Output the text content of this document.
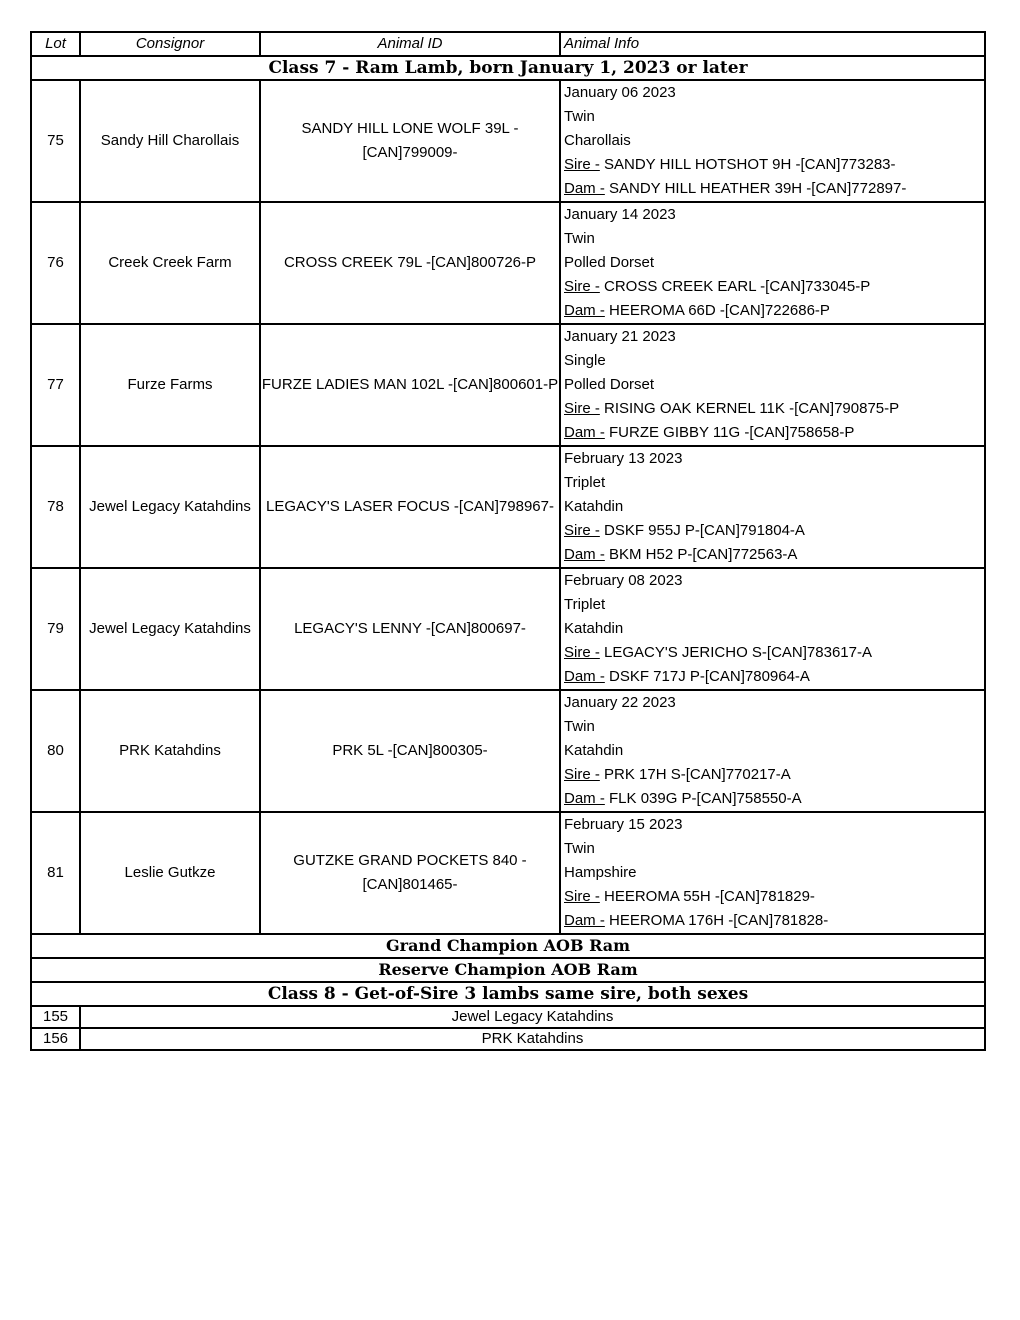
Lot	Consignor	Animal ID	Animal Info
Class 7 - Ram Lamb, born January 1, 2023 or later			
75	Sandy Hill Charollais	SANDY HILL LONE WOLF 39L -[CAN]799009-	January 06 2023
Twin
Charollais
Sire - SANDY HILL HOTSHOT 9H -[CAN]773283-
Dam - SANDY HILL HEATHER 39H -[CAN]772897-

76	Creek Creek Farm	CROSS CREEK 79L -[CAN]800726-P	January 14 2023
Twin
Polled Dorset
Sire - CROSS CREEK EARL -[CAN]733045-P
Dam - HEEROMA 66D -[CAN]722686-P

77	Furze Farms	FURZE LADIES MAN 102L -[CAN]800601-P	January 21 2023
Single
Polled Dorset
Sire - RISING OAK KERNEL 11K -[CAN]790875-P
Dam - FURZE GIBBY 11G -[CAN]758658-P

78	Jewel Legacy Katahdins	LEGACY'S LASER FOCUS -[CAN]798967-	February 13 2023
Triplet
Katahdin
Sire - DSKF 955J P-[CAN]791804-A
Dam - BKM H52 P-[CAN]772563-A

79	Jewel Legacy Katahdins	LEGACY'S LENNY -[CAN]800697-	February 08 2023
Triplet
Katahdin
Sire - LEGACY'S JERICHO S-[CAN]783617-A
Dam - DSKF 717J P-[CAN]780964-A

80	PRK Katahdins	PRK 5L -[CAN]800305-	January 22 2023
Twin
Katahdin
Sire - PRK 17H S-[CAN]770217-A
Dam - FLK 039G P-[CAN]758550-A

81	Leslie Gutkze	GUTZKE GRAND POCKETS 840 -[CAN]801465-	February 15 2023
Twin
Hampshire
Sire - HEEROMA 55H -[CAN]781829-
Dam - HEEROMA 176H -[CAN]781828-

Grand Champion AOB Ram			
Reserve Champion AOB Ram			
Class 8 - Get-of-Sire 3 lambs same sire, both sexes			
155	Jewel Legacy Katahdins		
156	PRK Katahdins		
